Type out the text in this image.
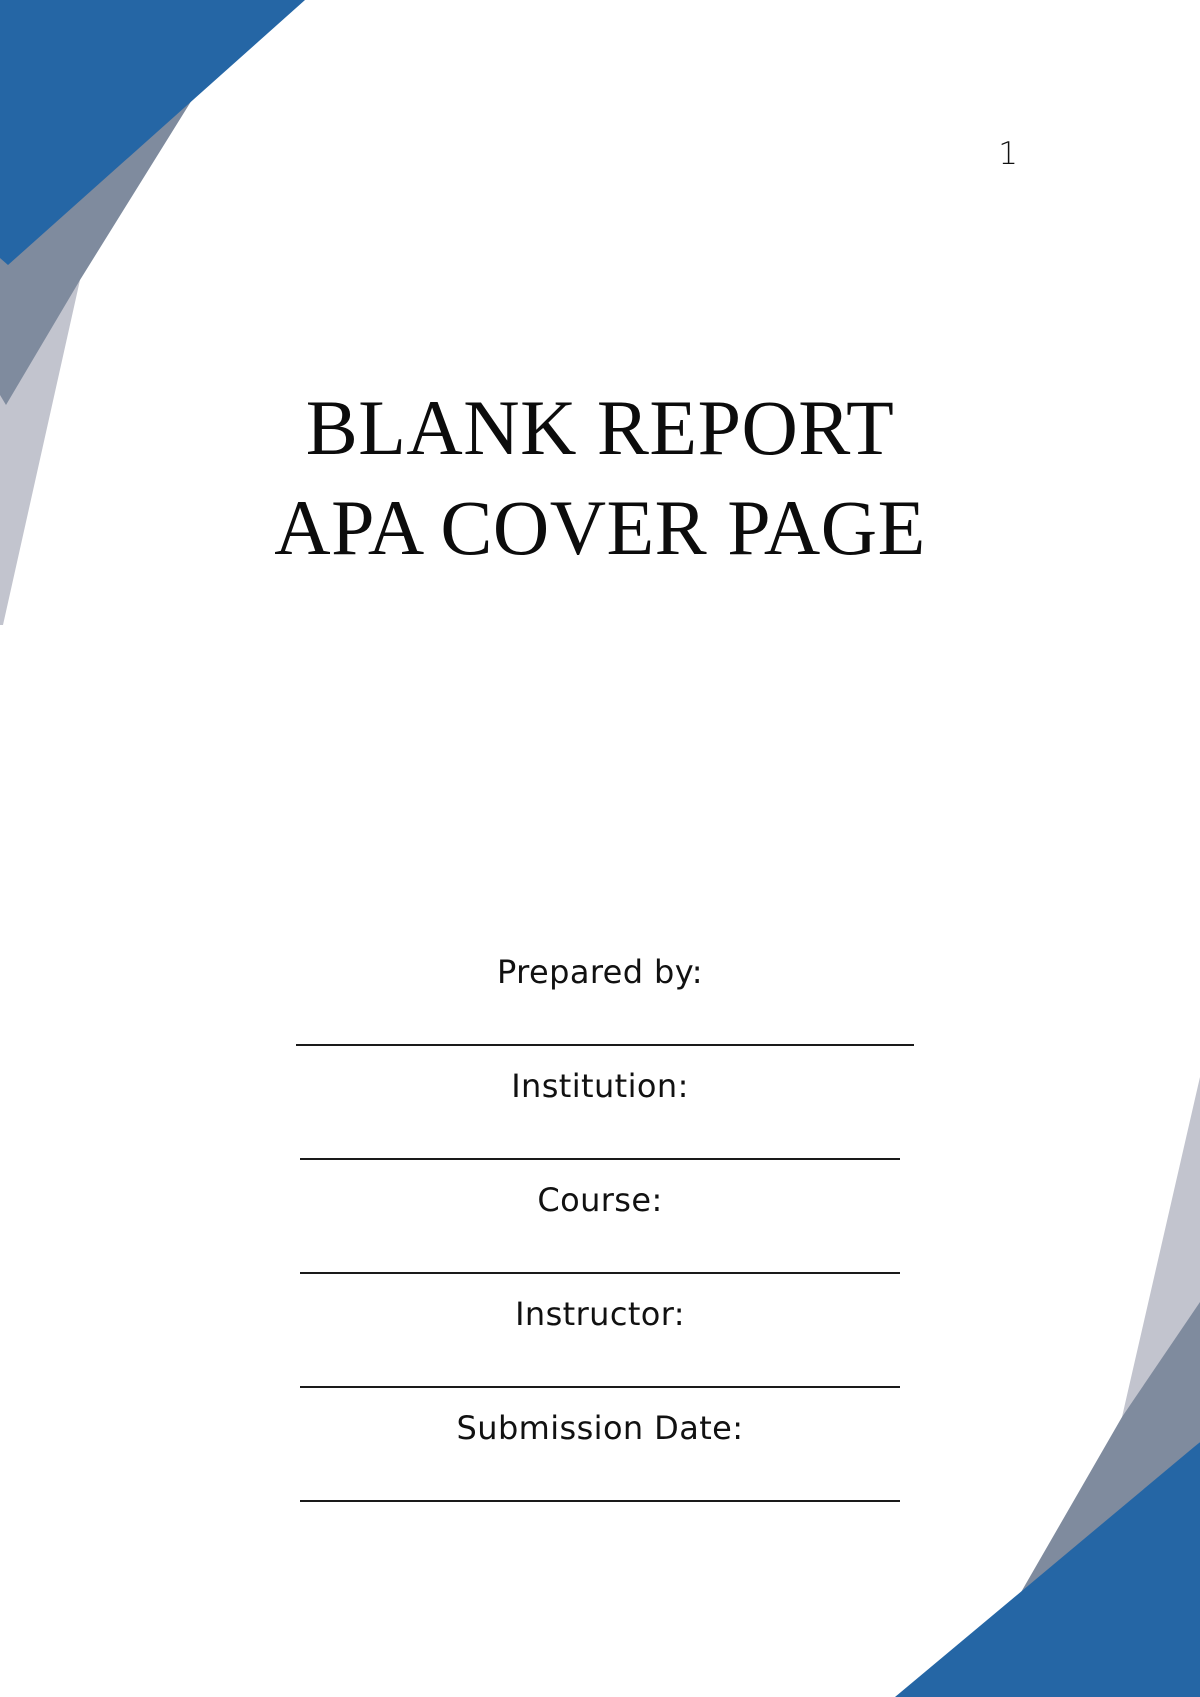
1

BLANK REPORT
APA COVER PAGE

Prepared by:

Institution:

Course:

Instructor:

Submission Date:
